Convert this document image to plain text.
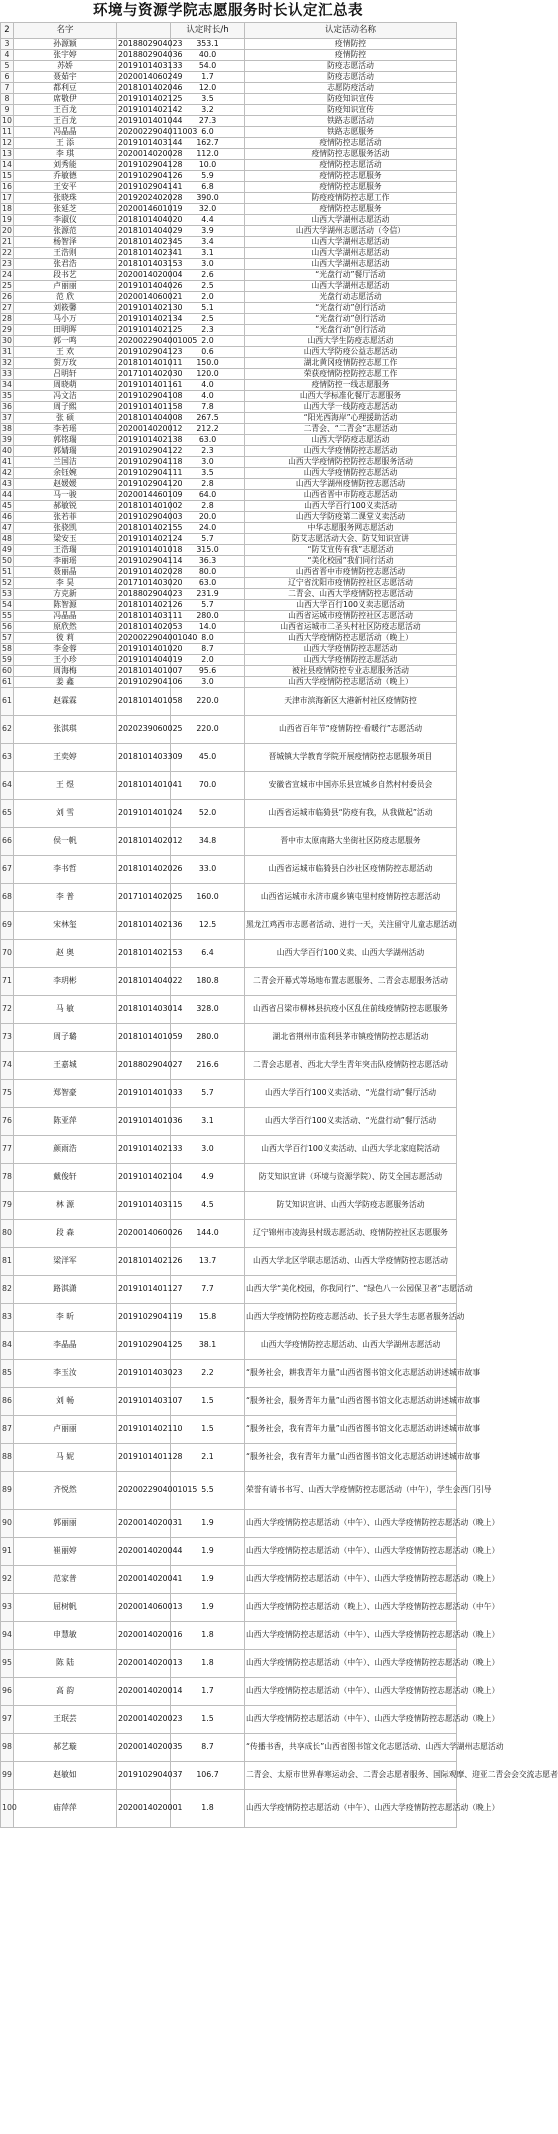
环境与资源学院志愿服务时长认定汇总表
2	名字		认定时长/h	认定活动名称
3	孙源颖	2018802904023	353.1	疫情防控
4	张宇婷	2018802904036	40.0	疫情防控
5	苏娇	2019101403133	54.0	防疫志愿活动
6	聂茹宇	2020014060249	1.7	防疫志愿活动
7	都利豆	2018101402046	12.0	志愿防疫活动
8	席敬伊	2019101402125	3.5	防疫知识宣传
9	王百龙	2019101402142	3.2	防疫知识宣传
10	王百龙	2019101401044	27.3	铁路志愿活动
11	冯晶晶	2020022904011003	6.0	铁路志愿服务
12	王 添	2019101403144	162.7	疫情防控志愿活动
13	李 琪	2020014020028	112.0	疫情防控志愿服务活动
14	刘秀能	2019102904128	10.0	疫情防控志愿活动
15	乔敏德	2019102904126	5.9	疫情防控志愿服务
16	王安平	2019102904141	6.8	疫情防控志愿服务
17	张晓珠	2019202402028	390.0	防疫疫情防控志愿工作
18	张延芝	2020014601019	32.0	疫情防控志愿服务
19	李淑仪	2018101404020	4.4	山西大学湖州志愿活动
20	张源范	2018101404029	3.9	山西大学湖州志愿活动（令信）
21	杨智泽	2018101402345	3.4	山西大学湖州志愿活动
22	王浩则	2018101402341	3.1	山西大学湖州志愿活动
23	张君浩	2018101403153	3.0	山西大学湖州志愿活动
24	段书艺	2020014020004	2.6	“光盘行动”餐厅活动
25	卢丽丽	2019101404026	2.5	山西大学湖州志愿活动
26	范 欣	2020014060021	2.0	光盘行动志愿活动
27	刘筱馨	2019101402130	5.1	“光盘行动”创行活动
28	马小万	2019101402134	2.5	“光盘行动”创行活动
29	田明晖	2019101402125	2.3	“光盘行动”创行活动
30	郭一鸣	2020022904001005	2.0	山西大学生防疫志愿活动
31	王 欢	2019102904123	0.6	山西大学防疫公益志愿活动
32	贺万玫	2018101401011	150.0	湖北黄冈疫情防控志愿工作
33	吕明轩	2017101402030	120.0	荣获疫情防控防控志愿工作
34	周晓萌	2019101401161	4.0	疫情防控一线志愿服务
35	冯文洁	2019102904108	4.0	山西大学标准化餐厅志愿服务
36	周子熙	2019101401158	7.8	山西大学一线防疫志愿活动
37	张 硕	2018101404008	267.5	“阳光西海岸”心理援助活动
38	李若瑶	2020014020012	212.2	二青会、“二青会”志愿活动
39	郭铭瑞	2019101402138	63.0	山西大学防疫志愿活动
40	郭婧瑞	2019102904122	2.3	山西大学疫情防控志愿活动
41	兰国洁	2019102904118	3.0	山西大学疫情防控防控志愿服务活动
42	余钰婉	2019102904111	3.5	山西大学疫情防控志愿活动
43	赵媛媛	2019102904120	2.8	山西大学湖州疫情防控志愿活动
44	马一骏	2020014460109	64.0	山西省晋中市防疫志愿活动
45	郝敏锐	2018101401002	2.8	山西大学百行100义卖活动
46	张若菲	2019102904003	20.0	山西大学防疫第二课堂义卖活动
47	张骁凯	2018101402155	24.0	中华志愿服务网志愿活动
48	梁安玉	2019101402124	5.7	防艾志愿活动大会、防艾知识宣讲
49	王浩瑞	2019101401018	315.0	“防艾宣传有我”志愿活动
50	李丽瑶	2019102904114	36.3	“美化校园”我们同行活动
51	聂丽晶	2019101402028	80.0	山西省晋中市疫情防控志愿活动
52	李 昊	2017101403020	63.0	辽宁省沈阳市疫情防控社区志愿活动
53	方克新	2018802904023	231.9	二青会、山西大学疫情防控志愿活动
54	陈智源	2018101402126	5.7	山西大学百行100义卖志愿活动
55	冯晶晶	2018101403111	280.0	山西省运城市疫情防控社区志愿活动
56	原欣然	2018101402053	14.0	山西省运城市二圣头村社区防疫志愿活动
57	彼 莉	2020022904001040	8.0	山西大学疫情防控志愿活动（晚上）
58	李金蓉	2019101401020	8.7	山西大学疫情防控志愿活动
59	王小珍	2019101404019	2.0	山西大学疫情防控志愿活动
60	周海梅	2018101401007	95.6	被社县疫情防控专业志愿服务活动
61	姜 鑫	2019102904106	3.0	山西大学疫情防控志愿活动（晚上）
61	赵霖霖	2018101401058	220.0	天津市滨海新区大港新村社区疫情防控
62	张淇琪	2020239060025	220.0	山西省百年节“疫情防控·看暖行”志愿活动
63	王奕婷	2018101403309	45.0	晋城镇大学教育学院开展疫情防控志愿服务项目
64	王 煜	2018101401041	70.0	安徽省宣城市中国亦乐县宣城乡自然村村委员会
65	刘 雪	2019101401024	52.0	山西省运城市临猗县“防疫有我，从我做起”活动
66	侯一帆	2018101402012	34.8	晋中市太原南路大坐街社区防疫志愿服务
67	李书哲	2018101402026	33.0	山西省运城市临猗县白沙社区疫情防控志愿活动
68	李 普	2017101402025	160.0	山西省运城市永济市虞乡镇屯里村疫情防控志愿活动
69	宋林玺	2018101402136	12.5	黑龙江鸡西市志愿者活动、进行一天，关注留守儿童志愿活动
70	赵 奥	2018101402153	6.4	山西大学百行100义卖、山西大学湖州活动
71	李玥彬	2018101404022	180.8	二青会开幕式等场地布置志愿服务、二青会志愿服务活动
72	马 敏	2018101403014	328.0	山西省吕梁市柳林县抗疫小区乱住前线疫情防控志愿服务
73	周子璐	2018101401059	280.0	湖北省荆州市监利县茅市镇疫情防控志愿活动
74	王嘉城	2018802904027	216.6	二青会志愿者、西北大学生青年突击队疫情防控志愿活动
75	郑智豪	2019101401033	5.7	山西大学百行100义卖活动、“光盘行动”餐厅活动
76	陈亚萍	2019101401036	3.1	山西大学百行100义卖活动、“光盘行动”餐厅活动
77	颜雨浩	2019101402133	3.0	山西大学百行100义卖活动、山西大学北家庭院活动
78	戴俊轩	2019101402104	4.9	防艾知识宣讲（环境与资源学院）、防艾全国志愿活动
79	林 源	2019101403115	4.5	防艾知识宣讲、山西大学防疫志愿服务活动
80	段 森	2020014060026	144.0	辽宁锦州市凌海县村级志愿活动、疫情防控社区志愿服务
81	梁洋军	2018101402126	13.7	山西大学北区学联志愿活动、山西大学疫情防控志愿活动
82	路淇潇	2019101401127	7.7	山西大学“美化校园，你我同行”、“绿色八一公园保卫者”志愿活动
83	李 昕	2019102904119	15.8	山西大学疫情防控防疫志愿活动、长子县大学生志愿者服务活动
84	李晶晶	2019102904125	38.1	山西大学疫情防控志愿活动、山西大学湖州志愿活动
85	李玉汝	2019101403023	2.2	“服务社会，耕我青年力量”山西省图书馆文化志愿活动讲述城市故事
86	刘 畅	2019101403107	1.5	“服务社会，服务青年力量”山西省图书馆文化志愿活动讲述城市故事
87	卢丽丽	2019101402110	1.5	“服务社会，我有青年力量”山西省图书馆文化志愿活动讲述城市故事
88	马 妮	2019101401128	2.1	“服务社会，我有青年力量”山西省图书馆文化志愿活动讲述城市故事
89	齐悦然	2020022904001015	5.5	荣誉有请书书写、山西大学疫情防控志愿活动（中午），学生会西门引导
90	郭丽丽	2020014020031	1.9	山西大学疫情防控志愿活动（中午）、山西大学疫情防控志愿活动（晚上）
91	崔丽婷	2020014020044	1.9	山西大学疫情防控志愿活动（中午）、山西大学疫情防控志愿活动（晚上）
92	范家普	2020014020041	1.9	山西大学疫情防控志愿活动（中午）、山西大学疫情防控志愿活动（晚上）
93	屈树帆	2020014060013	1.9	山西大学疫情防控志愿活动（晚上）、山西大学疫情防控志愿活动（中午）
94	申慧敏	2020014020016	1.8	山西大学疫情防控志愿活动（中午）、山西大学疫情防控志愿活动（晚上）
95	陈 陆	2020014020013	1.8	山西大学疫情防控志愿活动（中午）、山西大学疫情防控志愿活动（晚上）
96	高 韵	2020014020014	1.7	山西大学疫情防控志愿活动（中午）、山西大学疫情防控志愿活动（晚上）
97	王珉芸	2020014020023	1.5	山西大学疫情防控志愿活动（中午）、山西大学疫情防控志愿活动（晚上）
98	郝艺璇	2020014020035	8.7	“传播书香，共享成长”山西省图书馆文化志愿活动、山西大学湖州志愿活动
99	赵敏如	2019102904037	106.7	二青会、太原市世界春寒运动会、二青会志愿者服务、国际观摩、迎亚二青会会交流志愿者
100	庙萍萍	2020014020001	1.8	山西大学疫情防控志愿活动（中午）、山西大学疫情防控志愿活动（晚上）
